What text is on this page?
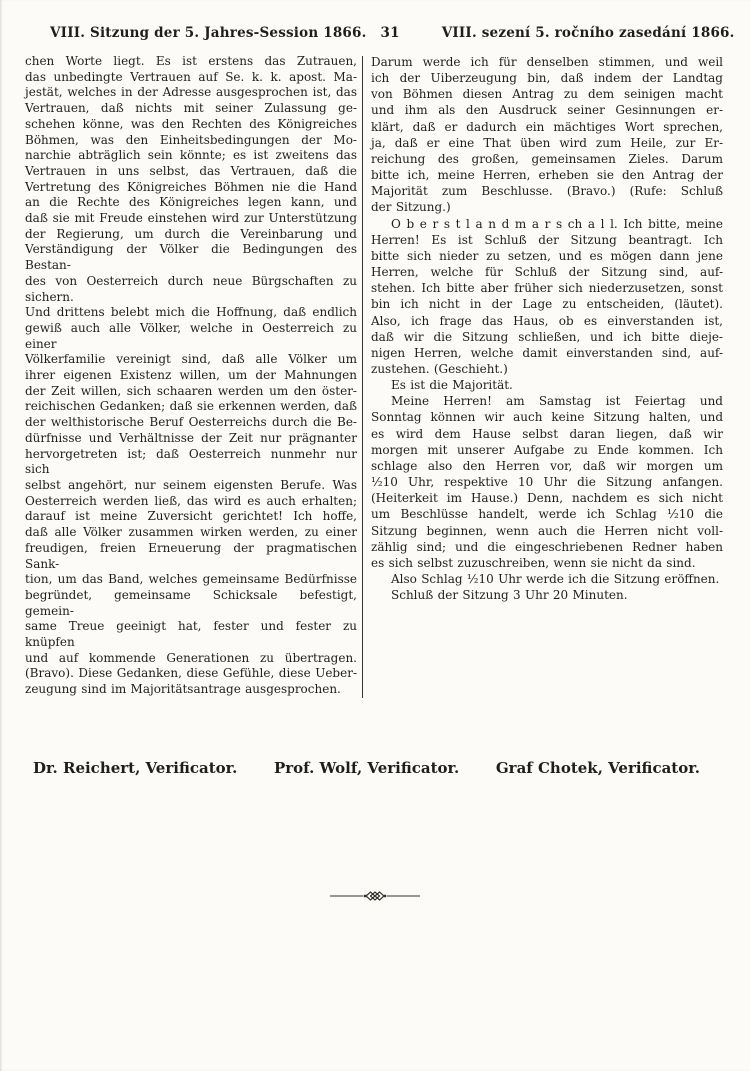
VIII. Sitzung der 5. Jahres-Session 1866. 31	VIII. sezení 5. ročního zasedání 1866.
chen Worte liegt. Es ist erstens das Zutrauen,
das unbedingte Vertrauen auf Se. k. k. apost. Ma-
jestät, welches in der Adresse ausgesprochen ist, das
Vertrauen, daß nichts mit seiner Zulassung ge-
schehen könne, was den Rechten des Königreiches
Böhmen, was den Einheitsbedingungen der Mo-
narchie abträglich sein könnte; es ist zweitens das
Vertrauen in uns selbst, das Vertrauen, daß die
Vertretung des Königreiches Böhmen nie die Hand
an die Rechte des Königreiches legen kann, und
daß sie mit Freude einstehen wird zur Unterstützung
der Regierung, um durch die Vereinbarung und
Verständigung der Völker die Bedingungen des Bestan-
des von Oesterreich durch neue Bürgschaften zu sichern.
Und drittens belebt mich die Hoffnung, daß endlich
gewiß auch alle Völker, welche in Oesterreich zu einer
Völkerfamilie vereinigt sind, daß alle Völker um
ihrer eigenen Existenz willen, um der Mahnungen
der Zeit willen, sich schaaren werden um den öster-
reichischen Gedanken; daß sie erkennen werden, daß
der welthistorische Beruf Oesterreichs durch die Be-
dürfnisse und Verhältnisse der Zeit nur prägnanter
hervorgetreten ist; daß Oesterreich nunmehr nur sich
selbst angehört, nur seinem eigensten Berufe. Was
Oesterreich werden ließ, das wird es auch erhalten;
darauf ist meine Zuversicht gerichtet! Ich hoffe,
daß alle Völker zusammen wirken werden, zu einer
freudigen, freien Erneuerung der pragmatischen Sank-
tion, um das Band, welches gemeinsame Bedürfnisse
begründet, gemeinsame Schicksale befestigt, gemein-
same Treue geeinigt hat, fester und fester zu knüpfen
und auf kommende Generationen zu übertragen.
(Bravo). Diese Gedanken, diese Gefühle, diese Ueber-
zeugung sind im Majoritätsantrage ausgesprochen.
Darum werde ich für denselben stimmen, und weil
ich der Uiberzeugung bin, daß indem der Landtag
von Böhmen diesen Antrag zu dem seinigen macht
und ihm als den Ausdruck seiner Gesinnungen er-
klärt, daß er dadurch ein mächtiges Wort sprechen,
ja, daß er eine That üben wird zum Heile, zur Er-
reichung des großen, gemeinsamen Zieles. Darum
bitte ich, meine Herren, erheben sie den Antrag der
Majorität zum Beschlusse. (Bravo.) (Rufe: Schluß
der Sitzung.)
O b e r s t l a n d m a r s ch a l l. Ich bitte, meine
Herren! Es ist Schluß der Sitzung beantragt. Ich
bitte sich nieder zu setzen, und es mögen dann jene
Herren, welche für Schluß der Sitzung sind, auf-
stehen. Ich bitte aber früher sich niederzusetzen, sonst
bin ich nicht in der Lage zu entscheiden, (läutet).
Also, ich frage das Haus, ob es einverstanden ist,
daß wir die Sitzung schließen, und ich bitte dieje-
nigen Herren, welche damit einverstanden sind, auf-
zustehen. (Geschieht.)
Es ist die Majorität.
Meine Herren! am Samstag ist Feiertag und
Sonntag können wir auch keine Sitzung halten, und
es wird dem Hause selbst daran liegen, daß wir
morgen mit unserer Aufgabe zu Ende kommen. Ich
schlage also den Herren vor, daß wir morgen um
½10 Uhr, respektive 10 Uhr die Sitzung anfangen.
(Heiterkeit im Hause.) Denn, nachdem es sich nicht
um Beschlüsse handelt, werde ich Schlag ½10 die
Sitzung beginnen, wenn auch die Herren nicht voll-
zählig sind; und die eingeschriebenen Redner haben
es sich selbst zuzuschreiben, wenn sie nicht da sind.
Also Schlag ½10 Uhr werde ich die Sitzung eröffnen.
Schluß der Sitzung 3 Uhr 20 Minuten.
Dr. Reichert, Verificator. Prof. Wolf, Verificator. Graf Chotek, Verificator.
